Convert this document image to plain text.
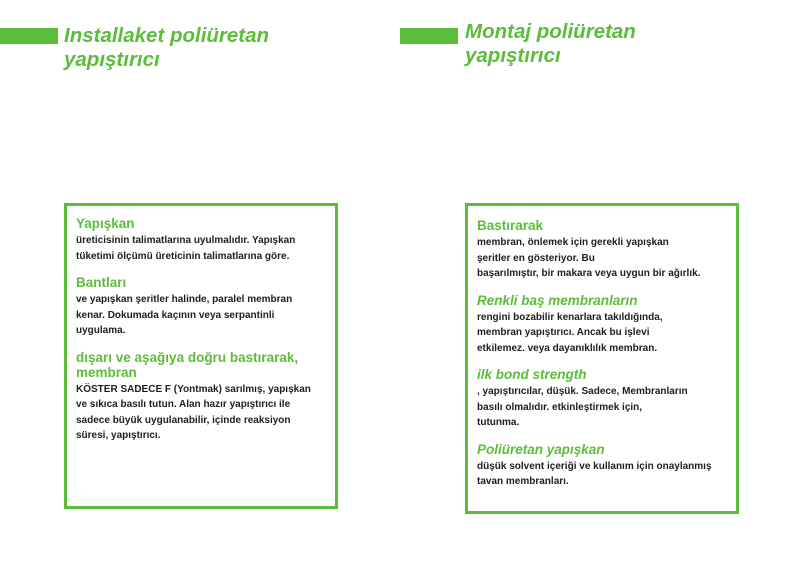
Installaket poliüretan
yapıştırıcı
Yapışkan
üreticisinin talimatlarına uyulmalıdır. Yapışkan
tüketimi ölçümü üreticinin talimatlarına göre.
Bantları
ve yapışkan şeritler halinde, paralel membran
kenar. Dokumada kaçının veya serpantinli
uygulama.
dışarı ve aşağıya doğru bastırarak,
membran
KÖSTER SADECE F (Yontmak) sarılmış, yapışkan
ve sıkıca basılı tutun. Alan hazır yapıştırıcı ile
sadece büyük uygulanabilir, içinde reaksiyon
süresi, yapıştırıcı.
Montaj poliüretan
yapıştırıcı
Bastırarak
membran, önlemek için gerekli yapışkan
şeritler en gösteriyor. Bu
başarılmıştır, bir makara veya uygun bir ağırlık.
Renkli baş membranların
rengini bozabilir kenarlara takıldığında,
membran yapıştırıcı. Ancak bu işlevi
etkilemez. veya dayanıklılık membran.
ilk bond strength
, yapıştırıcılar, düşük. Sadece, Membranların
basılı olmalıdır. etkinleştirmek için,
tutunma.
Poliüretan yapışkan
düşük solvent içeriği ve kullanım için onaylanmış
tavan membranları.
